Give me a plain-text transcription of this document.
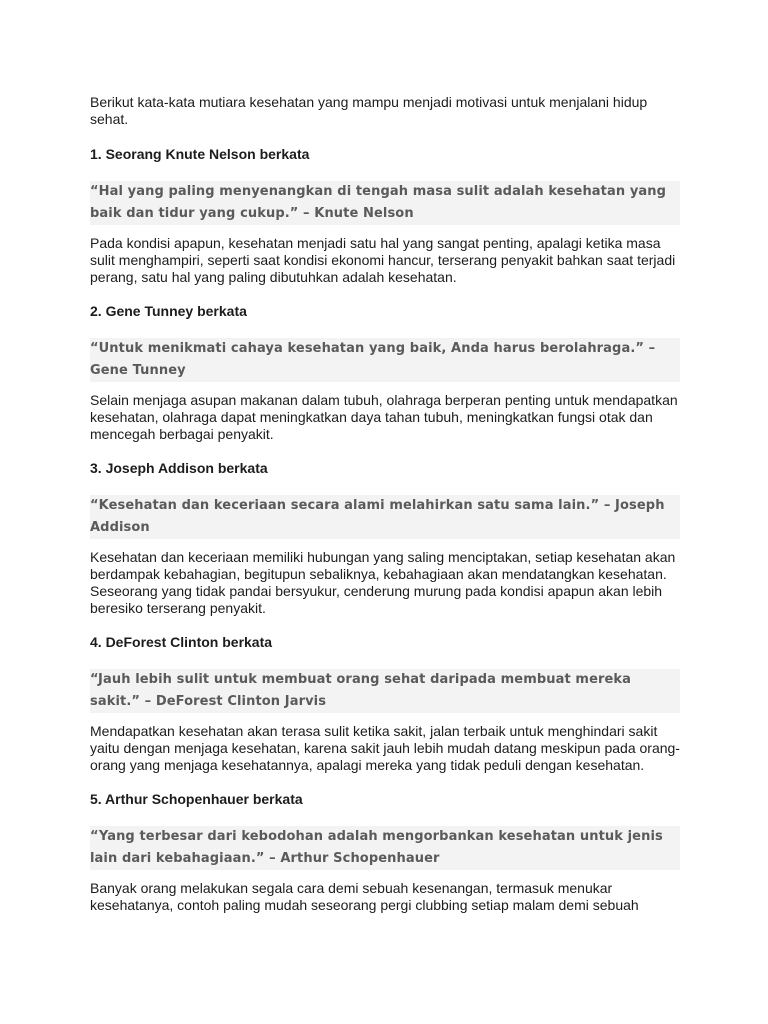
Berikut kata-kata mutiara kesehatan yang mampu menjadi motivasi untuk menjalani hidup sehat.

1. Seorang Knute Nelson berkata

“Hal yang paling menyenangkan di tengah masa sulit adalah kesehatan yang baik dan tidur yang cukup.” – Knute Nelson

Pada kondisi apapun, kesehatan menjadi satu hal yang sangat penting, apalagi ketika masa sulit menghampiri, seperti saat kondisi ekonomi hancur, terserang penyakit bahkan saat terjadi perang, satu hal yang paling dibutuhkan adalah kesehatan.

2. Gene Tunney berkata

“Untuk menikmati cahaya kesehatan yang baik, Anda harus berolahraga.” – Gene Tunney

Selain menjaga asupan makanan dalam tubuh, olahraga berperan penting untuk mendapatkan kesehatan, olahraga dapat meningkatkan daya tahan tubuh, meningkatkan fungsi otak dan mencegah berbagai penyakit.

3. Joseph Addison berkata

“Kesehatan dan keceriaan secara alami melahirkan satu sama lain.” – Joseph Addison

Kesehatan dan keceriaan memiliki hubungan yang saling menciptakan, setiap kesehatan akan berdampak kebahagian, begitupun sebaliknya, kebahagiaan akan mendatangkan kesehatan. Seseorang yang tidak pandai bersyukur, cenderung murung pada kondisi apapun akan lebih beresiko terserang penyakit.

4. DeForest Clinton berkata

“Jauh lebih sulit untuk membuat orang sehat daripada membuat mereka sakit.” – DeForest Clinton Jarvis

Mendapatkan kesehatan akan terasa sulit ketika sakit, jalan terbaik untuk menghindari sakit yaitu dengan menjaga kesehatan, karena sakit jauh lebih mudah datang meskipun pada orang-orang yang menjaga kesehatannya, apalagi mereka yang tidak peduli dengan kesehatan.

5. Arthur Schopenhauer berkata

“Yang terbesar dari kebodohan adalah mengorbankan kesehatan untuk jenis lain dari kebahagiaan.” – Arthur Schopenhauer

Banyak orang melakukan segala cara demi sebuah kesenangan, termasuk menukar kesehatanya, contoh paling mudah seseorang pergi clubbing setiap malam demi sebuah
